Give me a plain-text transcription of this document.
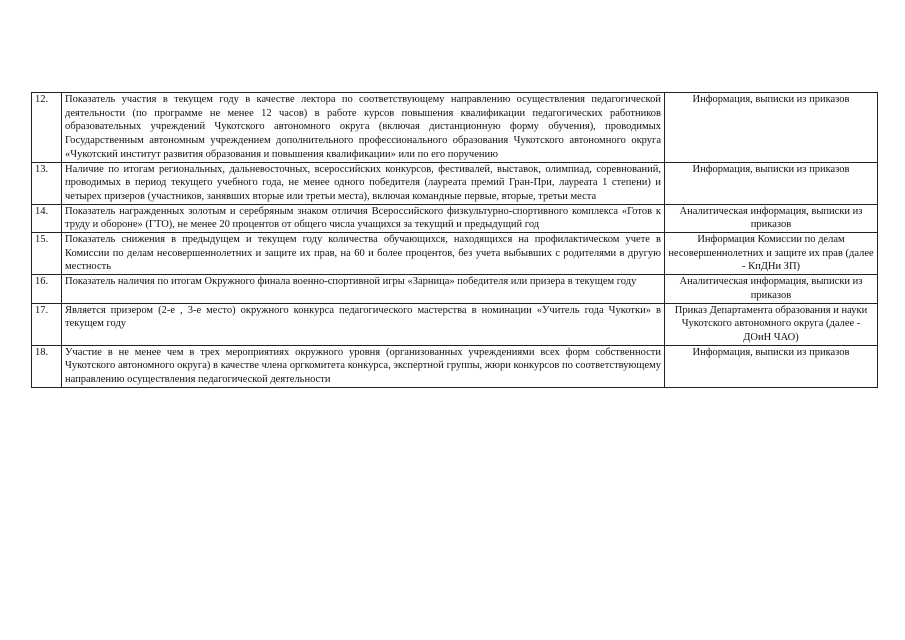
12.	Показатель участия в текущем году в качестве лектора по соответствующему направлению осуществления педагогической деятельности (по программе не менее 12 часов) в работе курсов повышения квалификации педагогических работников образовательных учреждений Чукотского автономного округа (включая дистанционную форму обучения), проводимых Государственным автономным учреждением дополнительного профессионального образования Чукотского автономного округа «Чукотский институт развития образования и повышения квалификации» или по его поручению	Информация, выписки из приказов
13.	Наличие по итогам региональных, дальневосточных, всероссийских конкурсов, фестивалей, выставок, олимпиад, соревнований, проводимых в период текущего учебного года, не менее одного победителя (лауреата премий Гран-При, лауреата 1 степени) и четырех призеров (участников, занявших вторые или третьи места), включая командные первые, вторые, третьи места	Информация, выписки из приказов
14.	Показатель награжденных золотым и серебряным знаком отличия Всероссийского физкультурно-спортивного комплекса «Готов к труду и обороне» (ГТО), не менее 20 процентов от общего числа учащихся за текущий и предыдущий год	Аналитическая информация, выписки из приказов
15.	Показатель снижения в предыдущем и текущем году количества обучающихся, находящихся на профилактическом учете в Комиссии по делам несовершеннолетних и защите их прав, на 60 и более процентов, без учета выбывших с родителями в другую местность	Информация Комиссии по делам несовершеннолетних и защите их прав (далее - КпДНи ЗП)
16.	Показатель наличия по итогам Окружного финала военно-спортивной игры «Зарница» победителя или призера в текущем году	Аналитическая информация, выписки из приказов
17.	Является призером (2-е , 3-е место) окружного конкурса педагогического мастерства в номинации «Учитель года Чукотки» в текущем году	Приказ Департамента образования и науки Чукотского автономного округа (далее - ДОиН ЧАО)
18.	Участие в не менее чем в трех мероприятиях окружного уровня (организованных учреждениями всех форм собственности Чукотского автономного округа) в качестве члена оргкомитета конкурса, экспертной группы, жюри конкурсов по соответствующему направлению осуществления педагогической деятельности	Информация, выписки из приказов
